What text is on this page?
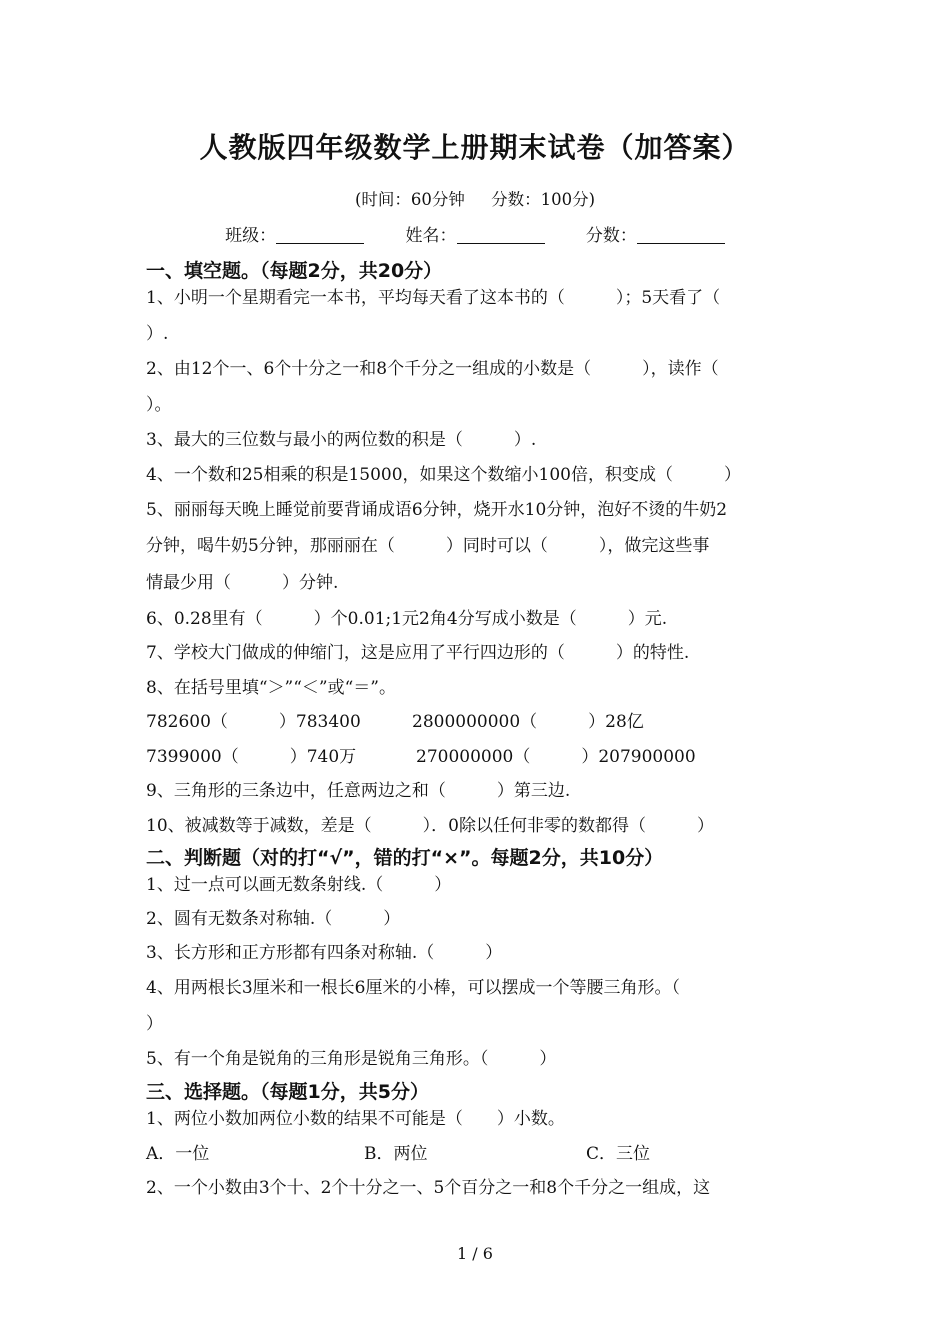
人教版四年级数学上册期末试卷（加答案）
(时间：60分钟     分数：100分)
班级：	姓名：	分数：
一、填空题。（每题2分，共20分）
1、小明一个星期看完一本书，平均每天看了这本书的（　　　）；5天看了（
）.
2、由12个一、6个十分之一和8个千分之一组成的小数是（　　　），读作（
）。
3、最大的三位数与最小的两位数的积是（　　　）.
4、一个数和25相乘的积是15000，如果这个数缩小100倍，积变成（　　　）
5、丽丽每天晚上睡觉前要背诵成语6分钟，烧开水10分钟，泡好不烫的牛奶2
分钟，喝牛奶5分钟，那丽丽在（　　　）同时可以（　　　），做完这些事
情最少用（　　　）分钟.
6、0.28里有（　　　）个0.01;1元2角4分写成小数是（　　　）元.
7、学校大门做成的伸缩门，这是应用了平行四边形的（　　　）的特性.
8、在括号里填“＞”“＜”或“＝”。
782600（　　　）783400	2800000000（　　　）28亿
7399000（　　　）740万	270000000（　　　）207900000
9、三角形的三条边中，任意两边之和（　　　）第三边.
10、被减数等于减数，差是（　　　）．0除以任何非零的数都得（　　　）
二、判断题（对的打“√”，错的打“×”。每题2分，共10分）
1、过一点可以画无数条射线.（　　　）
2、圆有无数条对称轴.（　　　）
3、长方形和正方形都有四条对称轴.（　　　）
4、用两根长3厘米和一根长6厘米的小棒，可以摆成一个等腰三角形。（
）
5、有一个角是锐角的三角形是锐角三角形。（　　　）
三、选择题。（每题1分，共5分）
1、两位小数加两位小数的结果不可能是（　　）小数。
A．一位	B．两位	C．三位
2、一个小数由3个十、2个十分之一、5个百分之一和8个千分之一组成，这
1 / 6
